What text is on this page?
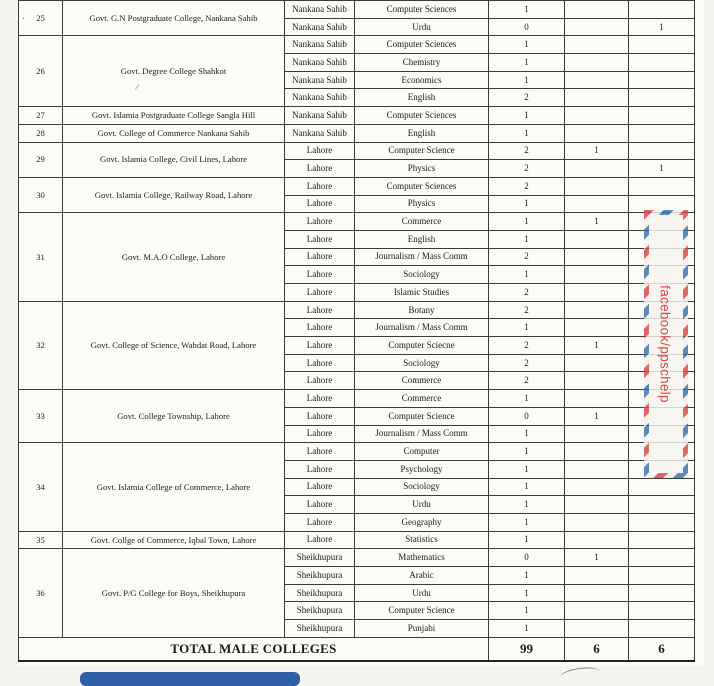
25	Govt. G.N Postgraduate College, Nankana Sahib	Nankana Sahib	Computer Sciences	1		
		Nankana Sahib	Urdu	0		1
26	Govt. Degree College Shahkot	Nankana Sahib	Computer Sciences	1		
		Nankana Sahib	Chemistry	1		
		Nankana Sahib	Economics	1		
		Nankana Sahib	English	2		
27	Govt. Islamia Postgraduate College Sangla Hill	Nankana Sahib	Computer Sciences	1		
28	Govt. College of Commerce Nankana Sahib	Nankana Sahib	English	1		
29	Govt. Islamia College, Civil Lines, Lahore	Lahore	Computer Science	2	1	
		Lahore	Physics	2		1
30	Govt. Islamia College, Railway Road, Lahore	Lahore	Computer Sciences	2		
		Lahore	Physics	1		
31	Govt. M.A.O College, Lahore	Lahore	Commerce	1	1	
		Lahore	English	1		
		Lahore	Journalism / Mass Comm	2		
		Lahore	Sociology	1		
		Lahore	Islamic Studies	2		
32	Govt. College of Science, Wahdat Road, Lahore	Lahore	Botany	2		
		Lahore	Journalism / Mass Comm	1		
		Lahore	Computer Sciecne	2	1	
		Lahore	Sociology	2		
		Lahore	Commerce	2		
33	Govt. College Township, Lahore	Lahore	Commerce	1		
		Lahore	Computer Science	0	1	
		Lahore	Journalism / Mass Comm	1		
34	Govt. Islamia College of Commerce, Lahore	Lahore	Computer	1		
		Lahore	Psychology	1		
		Lahore	Sociology	1		
		Lahore	Urdu	1		
		Lahore	Geography	1		
35	Govt. Collge of Commerce, Iqbal Town, Lahore	Lahore	Statistics	1		
36	Govt. P/G College for Boys, Sheikhupura	Sheikhupura	Mathematics	0	1	
		Sheikhupura	Arabic	1		
		Sheikhupura	Urdu	1		
		Sheikhupura	Computer Science	1		
		Sheikhupura	Punjabi	1		
TOTAL MALE COLLEGES				99	6	6
·
/
facebook/ppschelp
